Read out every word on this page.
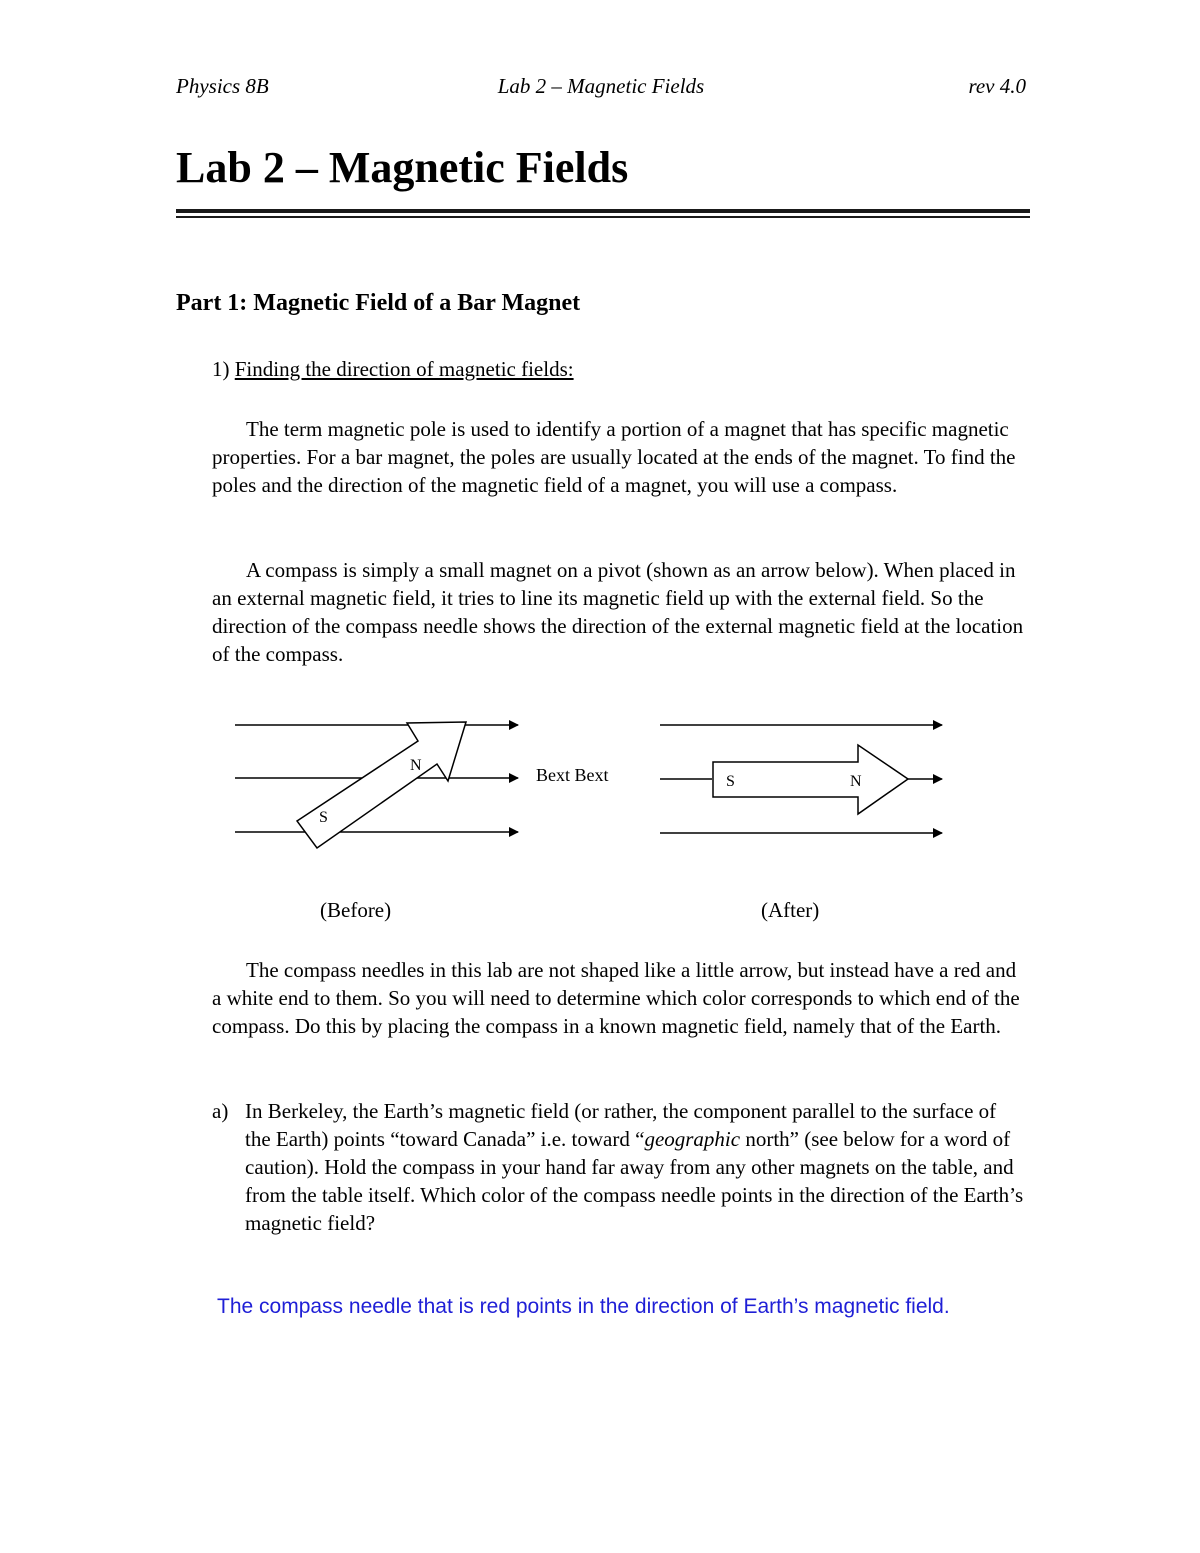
Physics 8B	Lab 2 – Magnetic Fields	rev 4.0
Lab 2 – Magnetic Fields
Part 1: Magnetic Field of a Bar Magnet

1) Finding the direction of magnetic fields:

The term magnetic pole is used to identify a portion of a magnet that has specific magnetic properties. For a bar magnet, the poles are usually located at the ends of the magnet. To find the poles and the direction of the magnetic field of a magnet, you will use a compass.

A compass is simply a small magnet on a pivot (shown as an arrow below). When placed in an external magnetic field, it tries to line its magnetic field up with the external field. So the direction of the compass needle shows the direction of the external magnetic field at the location of the compass.

N
S
Bext Bext	S	N
(Before)	(After)

The compass needles in this lab are not shaped like a little arrow, but instead have a red and a white end to them. So you will need to determine which color corresponds to which end of the compass. Do this by placing the compass in a known magnetic field, namely that of the Earth.

a) In Berkeley, the Earth’s magnetic field (or rather, the component parallel to the surface of the Earth) points “toward Canada” i.e. toward “geographic north” (see below for a word of caution). Hold the compass in your hand far away from any other magnets on the table, and from the table itself. Which color of the compass needle points in the direction of the Earth’s magnetic field?

The compass needle that is red points in the direction of Earth’s magnetic field.
